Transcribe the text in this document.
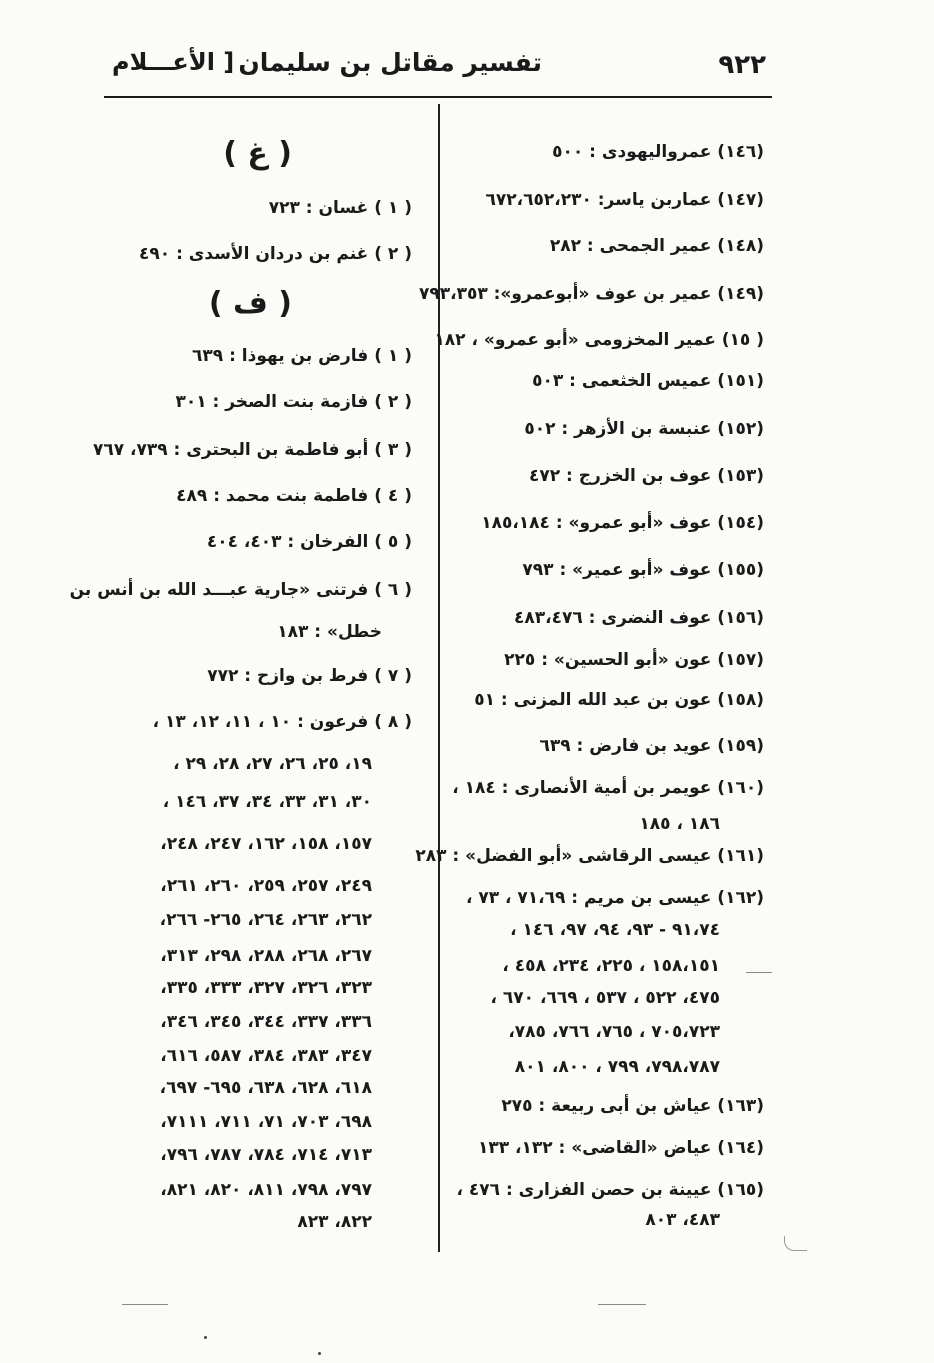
٩٢٢
تفسير مقاتل بن سليمان
[ الأعـــلام
(١٤٦) عمرواليهودى : ٥٠٠
(١٤٧) عماربن ياسر: ٦٧٢،٦٥٢،٢٣٠
(١٤٨) عمير الجمحى : ٢٨٢
(١٤٩) عمير بن عوف «أبوعمرو»: ٧٩٣،٣٥٣
( ١٥) عمير المخزومى «أبو عمرو» ، ١٨٢
(١٥١) عميس الخثعمى : ٥٠٣
(١٥٢) عنبسة بن الأزهر : ٥٠٢
(١٥٣) عوف بن الخزرج : ٤٧٢
(١٥٤) عوف «أبو عمرو» : ١٨٥،١٨٤
(١٥٥) عوف «أبو عمير» : ٧٩٣
(١٥٦) عوف النضرى : ٤٨٣،٤٧٦
(١٥٧) عون «أبو الحسين» : ٢٢٥
(١٥٨) عون بن عبد الله المزنى : ٥١
(١٥٩) عويد بن فارض : ٦٣٩
(١٦٠) عويمر بن أمية الأنصارى : ١٨٤ ،
١٨٦ ، ١٨٥
(١٦١) عيسى الرقاشى «أبو الفضل» : ٢٨٣
(١٦٢) عيسى بن مريم : ٧١،٦٩ ، ٧٣ ،
٩١،٧٤ - ٩٣، ٩٤، ٩٧، ١٤٦ ،
١٥٨،١٥١ ، ٢٢٥، ٢٣٤، ٤٥٨ ،
٤٧٥، ٥٢٢ ، ٥٣٧ ، ٦٦٩، ٦٧٠ ،
٧٠٥،٧٢٣ ، ٧٦٥، ٧٦٦، ٧٨٥،
٧٩٨،٧٨٧، ٧٩٩ ، ٨٠٠، ٨٠١
(١٦٣) عياش بن أبى ربيعة : ٢٧٥
(١٦٤) عياض «القاضى» : ١٣٢، ١٣٣
(١٦٥) عيينة بن حصن الفزارى : ٤٧٦ ،
٤٨٣، ٨٠٣
( غ )
( ١ ) غسان : ٧٢٣
( ٢ ) غنم بن دردان الأسدى : ٤٩٠
( ف )
( ١ ) فارض بن يهوذا : ٦٣٩
( ٢ ) فازمة بنت الصخر : ٣٠١
( ٣ ) أبو فاطمة بن البحترى : ٧٣٩، ٧٦٧
( ٤ ) فاطمة بنت محمد : ٤٨٩
( ٥ ) الفرخان : ٤٠٣، ٤٠٤
( ٦ ) فرتنى «جارية عبـــد الله بن أنس بن
خطل» : ١٨٣
( ٧ ) فرط بن وازح : ٧٧٢
( ٨ ) فرعون : ١٠ ، ١١، ١٢، ١٣ ،
١٩، ٢٥، ٢٦، ٢٧، ٢٨، ٢٩ ،
٣٠، ٣١، ٣٣، ٣٤، ٣٧، ١٤٦ ،
١٥٧، ١٥٨، ١٦٢، ٢٤٧، ٢٤٨،
٢٤٩، ٢٥٧، ٢٥٩، ٢٦٠، ٢٦١،
٢٦٢، ٢٦٣، ٢٦٤، ٢٦٥- ٢٦٦،
٢٦٧، ٢٦٨، ٢٨٨، ٢٩٨، ٣١٣،
٣٢٣، ٣٢٦، ٣٢٧، ٣٣٣، ٣٣٥،
٣٣٦، ٣٣٧، ٣٤٤، ٣٤٥، ٣٤٦،
٣٤٧، ٣٨٣، ٣٨٤، ٥٨٧، ٦١٦،
٦١٨، ٦٢٨، ٦٣٨، ٦٩٥- ٦٩٧،
٦٩٨، ٧٠٣، ٧١، ٧١١، ٧١١١،
٧١٣، ٧١٤، ٧٨٤، ٧٨٧، ٧٩٦،
٧٩٧، ٧٩٨، ٨١١، ٨٢٠، ٨٢١،
٨٢٢، ٨٢٣
